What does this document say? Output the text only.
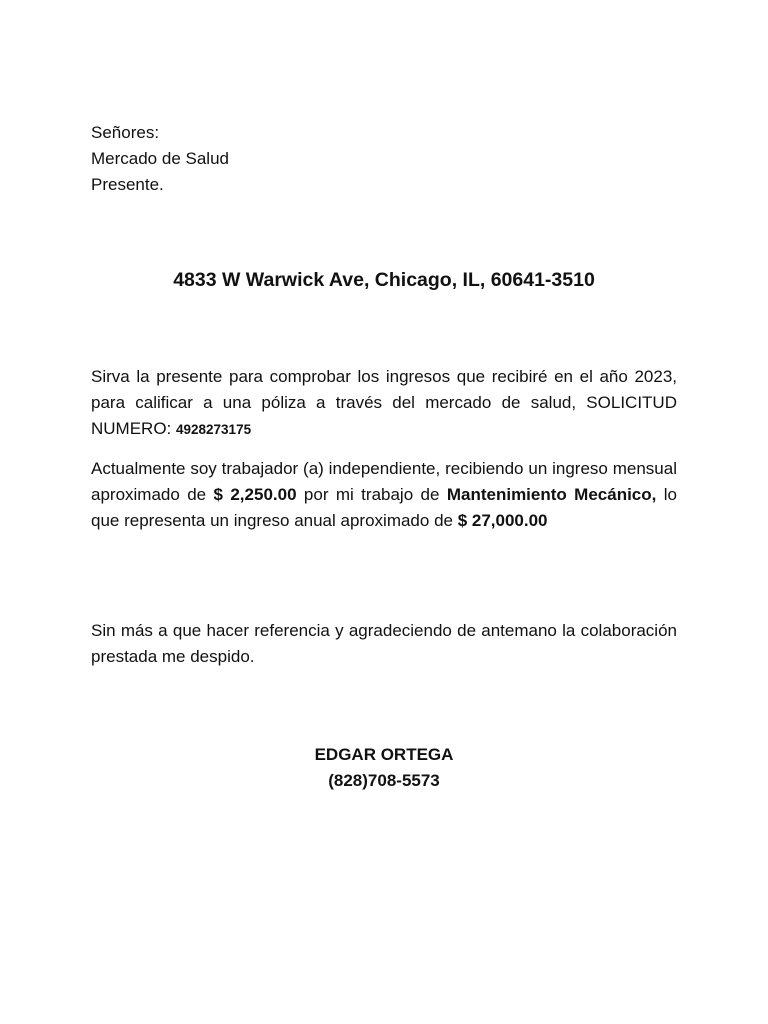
Señores:
Mercado de Salud
Presente.
4833 W Warwick Ave, Chicago, IL, 60641-3510
Sirva la presente para comprobar los ingresos que recibiré en el año 2023, para calificar a una póliza a través del mercado de salud, SOLICITUD NUMERO: 4928273175
Actualmente soy trabajador (a) independiente, recibiendo un ingreso mensual aproximado de $ 2,250.00 por mi trabajo de Mantenimiento Mecánico, lo que representa un ingreso anual aproximado de $ 27,000.00
Sin más a que hacer referencia y agradeciendo de antemano la colaboración prestada me despido.
EDGAR ORTEGA
(828)708-5573
